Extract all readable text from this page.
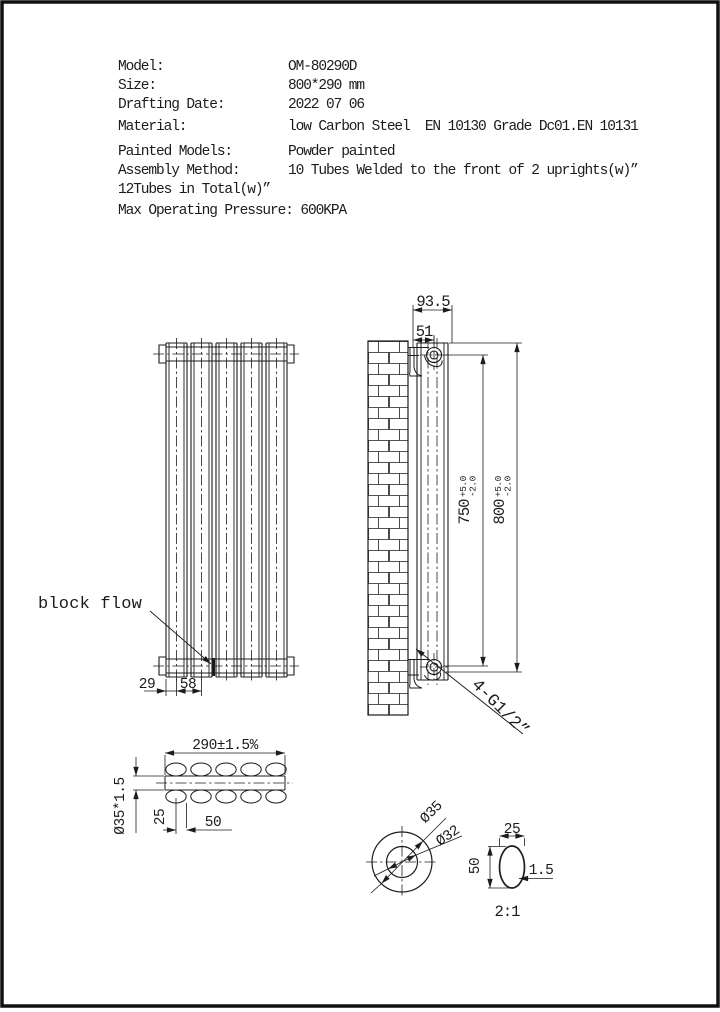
Model:	OM-80290D
Size:	800*290 mm
Drafting Date:	2022 07 06
Material:	low Carbon Steel  EN 10130 Grade Dc01.EN 10131
Painted Models:	Powder painted
Assembly Method:	10 Tubes Welded to the front of 2 uprights(w)”
12Tubes in Total(w)”
Max Operating Pressure: 600KPA
block flow
29 58
93.5
51
750
+5.0
-2.0
800
+5.0
-2.0
4-G1/2”
290±1.5%
Ø35*1.5 25 50	Ø35
Ø32	25
50	1.5
2:1
